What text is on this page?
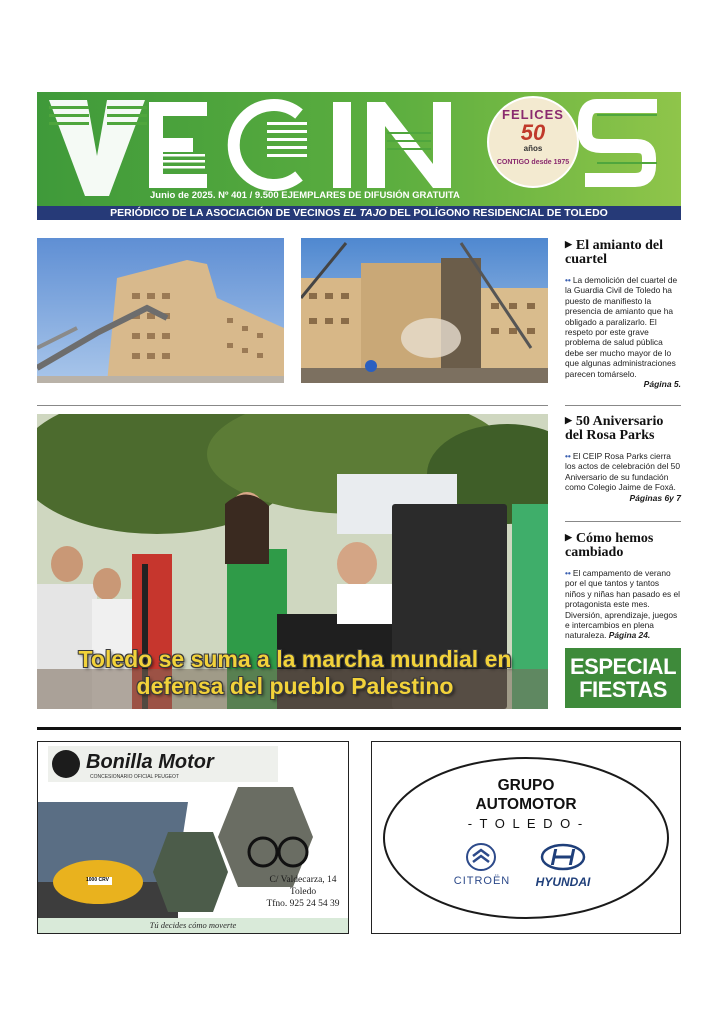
FELICES
50
años
CONTIGO desde 1975
Junio de 2025. Nº 401 / 9.500 EJEMPLARES DE DIFUSIÓN GRATUITA
PERIÓDICO DE LA ASOCIACIÓN DE VECINOS EL TAJO DEL POLÍGONO RESIDENCIAL DE TOLEDO
▶ El amianto del cuartel
•• La demolición del cuartel de la Guardia Civil de Toledo ha puesto de manifiesto la presencia de amianto que ha obligado a paralizarlo. El respeto por este grave problema de salud pública debe ser mucho mayor de lo que algunas administraciones parecen tomárselo.
Página 5.
▶ 50 Aniversario del Rosa Parks
•• El CEIP Rosa Parks cierra los actos de celebración del 50 Aniversario de su fundación como Colegio Jaime de Foxá.
Páginas 6y 7
▶ Cómo hemos cambiado
•• El campamento de verano por el que tantos y tantos niños y niñas han pasado es el protagonista este mes. Diversión, aprendizaje, juegos e intercambios en plena naturaleza. Página 24.
Toledo se suma a la marcha mundial en
defensa del pueblo Palestino
ESPECIAL
FIESTAS
Bonilla Motor
CONCESIONARIO OFICIAL PEUGEOT
1000 CRV	C/ Valdecarza, 14
Toledo
Tfno. 925 24 54 39
Tú decides cómo moverte
GRUPO
AUTOMOTOR
- T O L E D O -
CITROËN	HYUNDAI
